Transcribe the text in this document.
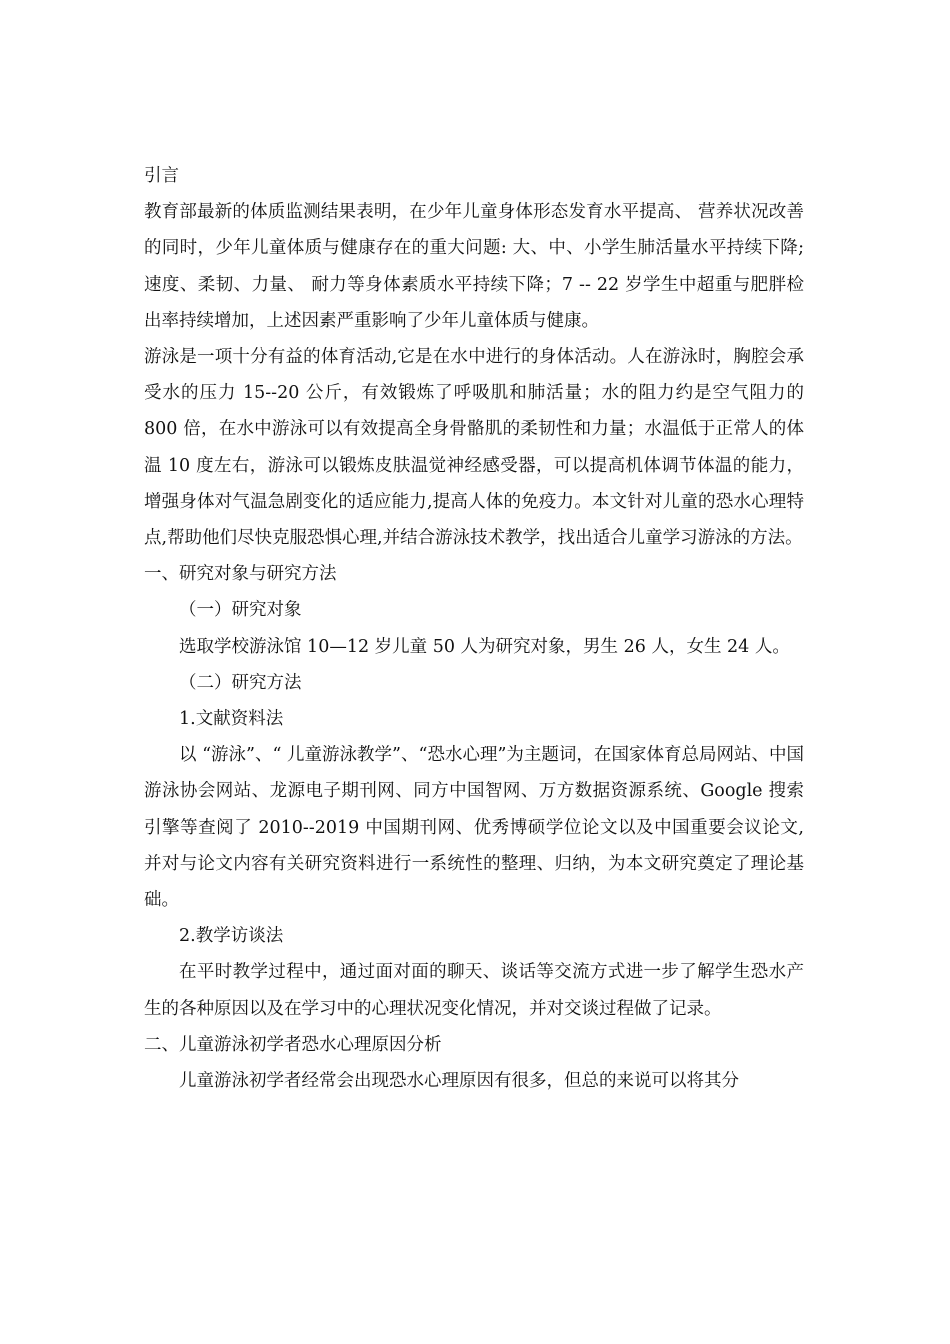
引言

教育部最新的体质监测结果表明，在少年儿童身体形态发育水平提高、 营养状况改善的同时，少年儿童体质与健康存在的重大问题: 大、中、小学生肺活量水平持续下降; 速度、柔韧、力量、 耐力等身体素质水平持续下降；7 -- 22 岁学生中超重与肥胖检出率持续增加，上述因素严重影响了少年儿童体质与健康。

游泳是一项十分有益的体育活动,它是在水中进行的身体活动。人在游泳时，胸腔会承受水的压力 15--20 公斤，有效锻炼了呼吸肌和肺活量；水的阻力约是空气阻力的 800 倍，在水中游泳可以有效提高全身骨骼肌的柔韧性和力量；水温低于正常人的体温 10 度左右，游泳可以锻炼皮肤温觉神经感受器，可以提高机体调节体温的能力，增强身体对气温急剧变化的适应能力,提高人体的免疫力。本文针对儿童的恐水心理特点,帮助他们尽快克服恐惧心理,并结合游泳技术教学，找出适合儿童学习游泳的方法。

一、研究对象与研究方法

（一）研究对象

选取学校游泳馆 10—12 岁儿童 50 人为研究对象，男生 26 人，女生 24 人。

（二）研究方法

1.文献资料法

以 “游泳”、“ 儿童游泳教学”、“恐水心理”为主题词，在国家体育总局网站、中国游泳协会网站、龙源电子期刊网、同方中国智网、万方数据资源系统、Google 搜索引擎等查阅了 2010--2019 中国期刊网、优秀博硕学位论文以及中国重要会议论文,并对与论文内容有关研究资料进行一系统性的整理、归纳，为本文研究奠定了理论基础。

2.教学访谈法

在平时教学过程中，通过面对面的聊天、谈话等交流方式进一步了解学生恐水产生的各种原因以及在学习中的心理状况变化情况，并对交谈过程做了记录。

二、儿童游泳初学者恐水心理原因分析

儿童游泳初学者经常会出现恐水心理原因有很多，但总的来说可以将其分
